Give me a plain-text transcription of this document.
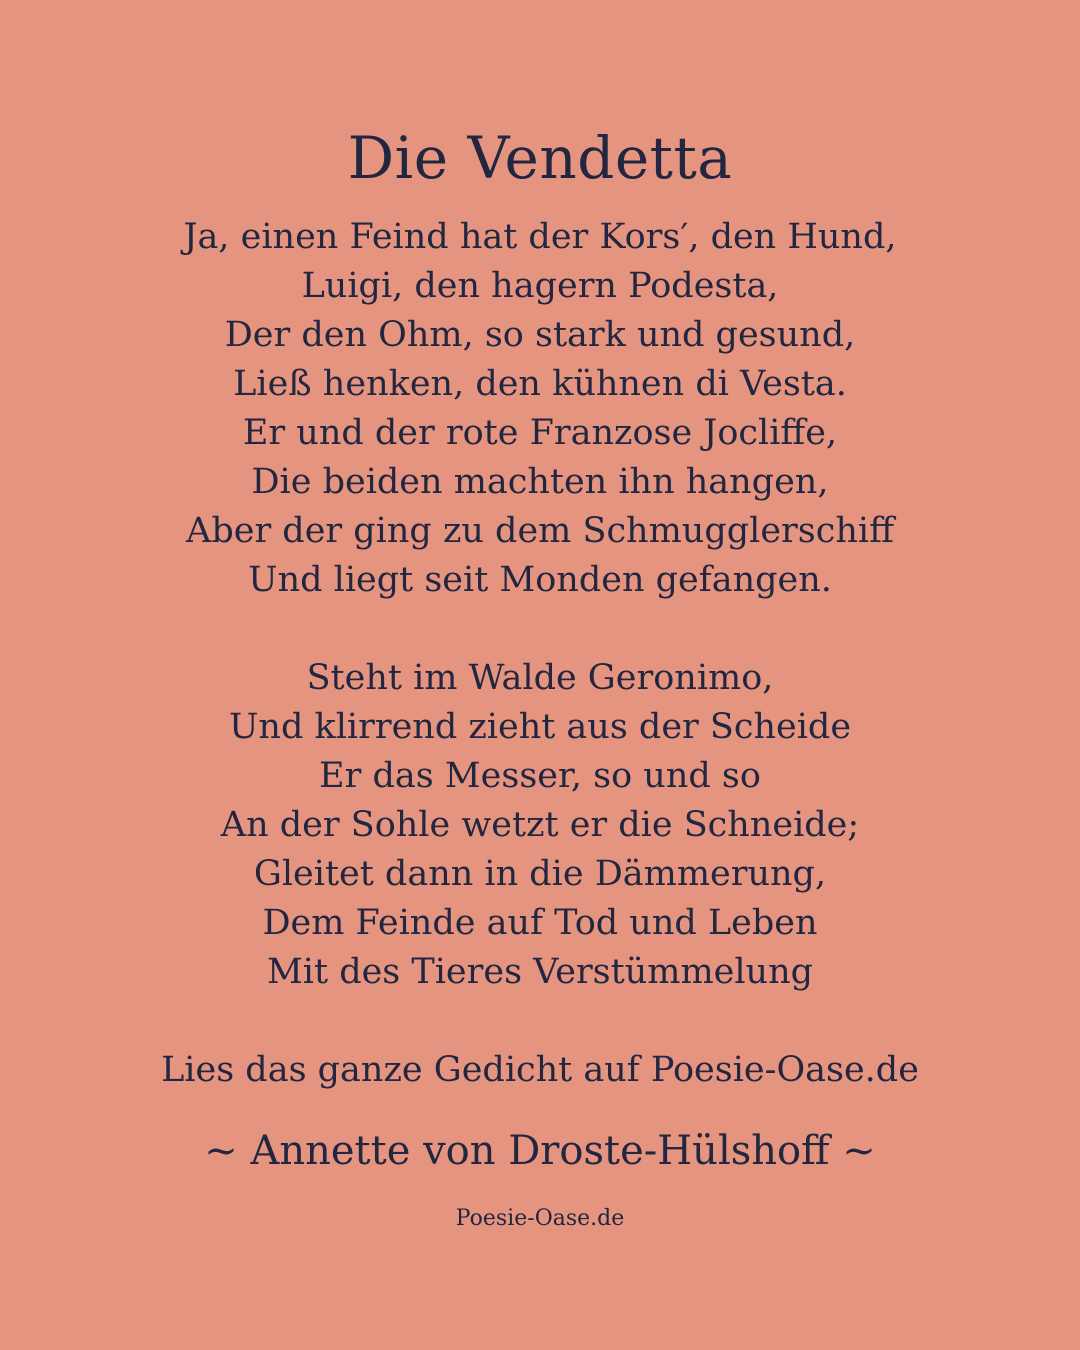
Die Vendetta
Ja, einen Feind hat der Kors′, den Hund,
Luigi, den hagern Podesta,
Der den Ohm, so stark und gesund,
Ließ henken, den kühnen di Vesta.
Er und der rote Franzose Jocliffe,
Die beiden machten ihn hangen,
Aber der ging zu dem Schmugglerschiff
Und liegt seit Monden gefangen.
Steht im Walde Geronimo,
Und klirrend zieht aus der Scheide
Er das Messer, so und so
An der Sohle wetzt er die Schneide;
Gleitet dann in die Dämmerung,
Dem Feinde auf Tod und Leben
Mit des Tieres Verstümmelung

Lies das ganze Gedicht auf Poesie-Oase.de

~ Annette von Droste-Hülshoff ~

Poesie-Oase.de
